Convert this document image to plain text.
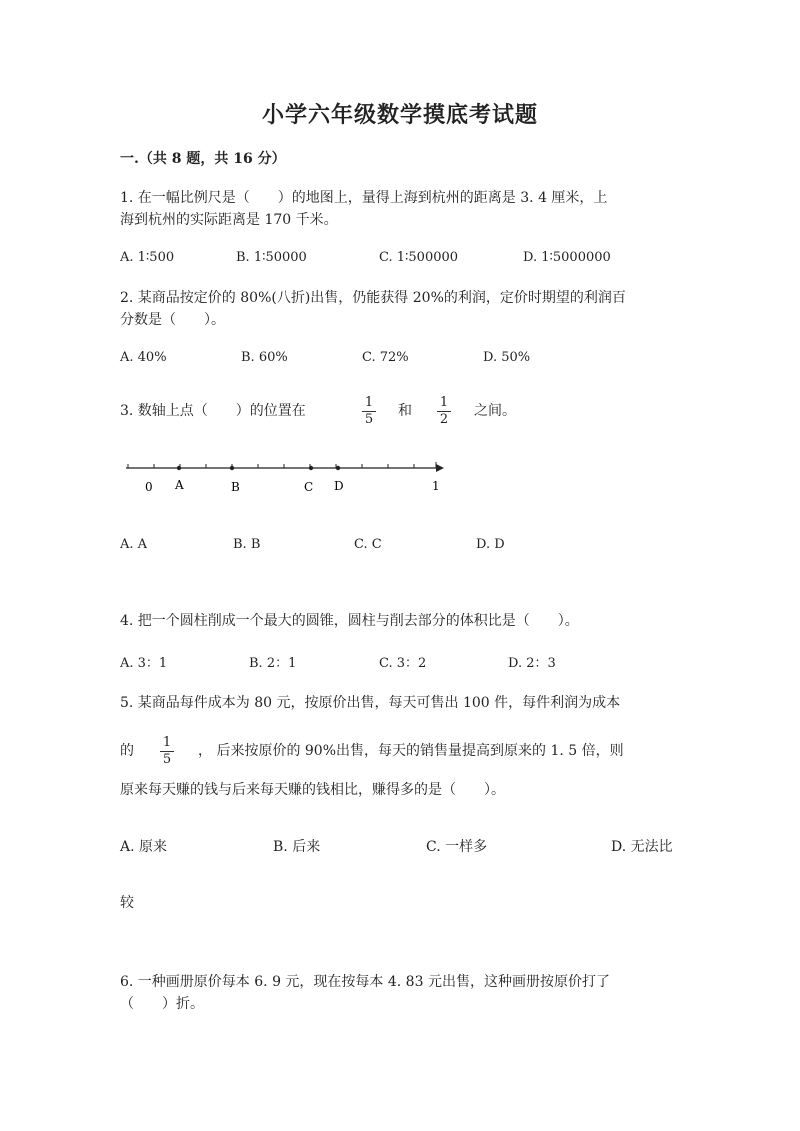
小学六年级数学摸底考试题
一.（共 8 题，共 16 分）
1. 在一幅比例尺是（　　）的地图上，量得上海到杭州的距离是 3. 4 厘米，上
海到杭州的实际距离是 170 千米。
A. 1∶500	B. 1∶50000	C. 1∶500000	D. 1∶5000000
2. 某商品按定价的 80%(八折)出售，仍能获得 20%的利润，定价时期望的利润百
分数是（　　）。
A. 40%	B. 60%	C. 72%	D. 50%
3. 数轴上点（　　）的位置在
1
5
和
1
2
之间。
0 A	B	C D	1
A. A	B. B	C. C	D. D
4. 把一个圆柱削成一个最大的圆锥，圆柱与削去部分的体积比是（　　）。
A. 3：1	B. 2：1	C. 3：2	D. 2：3
5. 某商品每件成本为 80 元，按原价出售，每天可售出 100 件，每件利润为成本
的
1
5
， 后来按原价的 90%出售，每天的销售量提高到原来的 1. 5 倍，则
原来每天赚的钱与后来每天赚的钱相比，赚得多的是（　　）。
A. 原来	B. 后来	C. 一样多	D. 无法比
较
6. 一种画册原价每本 6. 9 元，现在按每本 4. 83 元出售，这种画册按原价打了
（　　）折。
